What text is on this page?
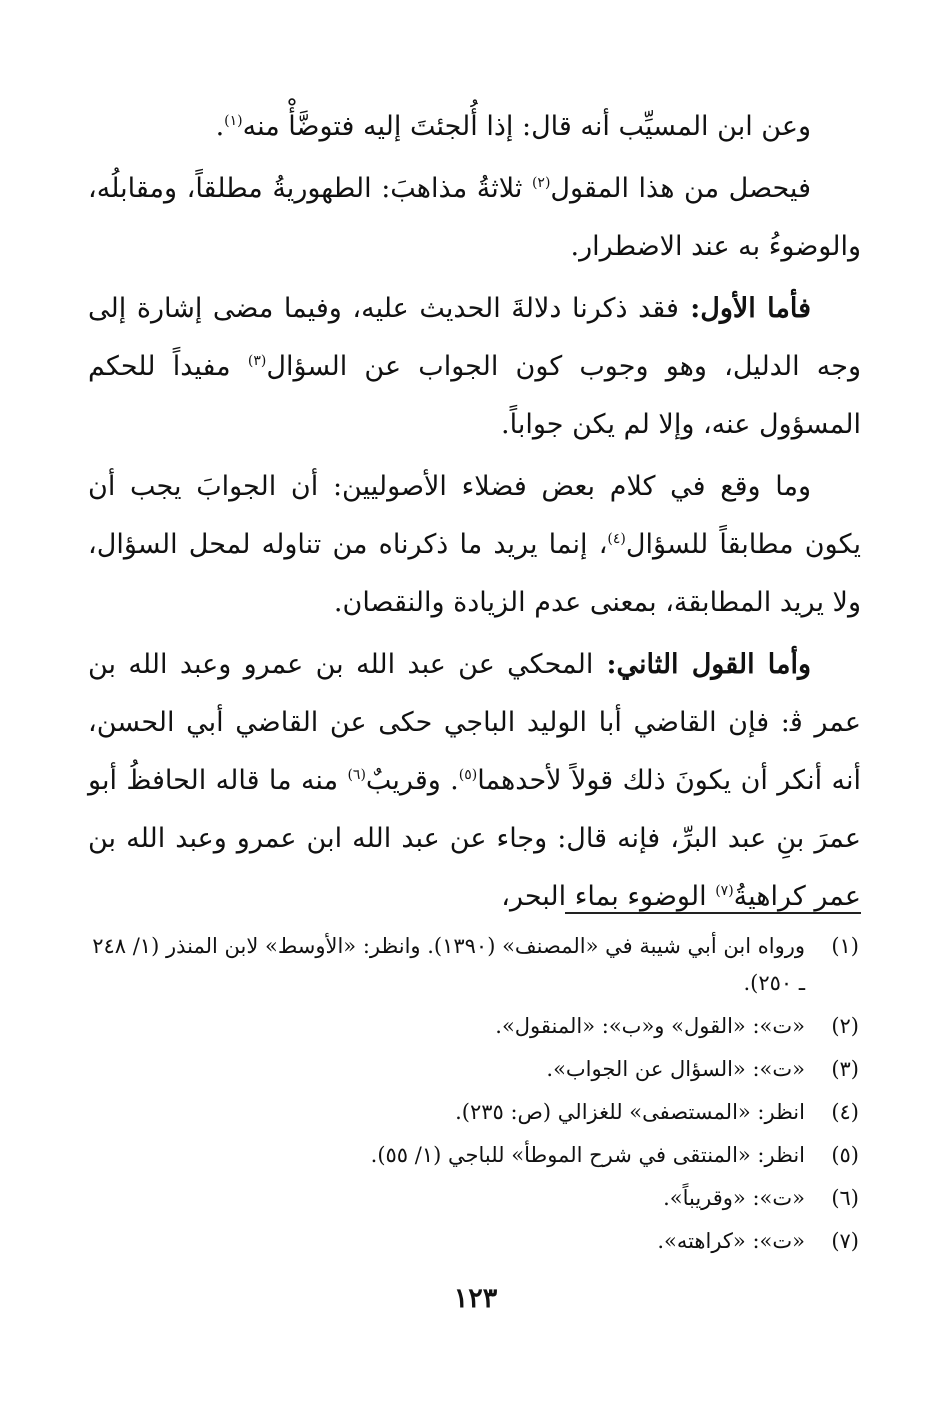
وعن ابن المسيِّب أنه قال: إذا أُلجئتَ إليه فتوضَّأْ منه$^{(١)}$.

فيحصل من هذا المقول$^{(٢)}$ ثلاثةُ مذاهبَ: الطهوريةُ مطلقاً، ومقابلُه، والوضوءُ به عند الاضطرار.

فأما الأول: فقد ذكرنا دلالةَ الحديث عليه، وفيما مضى إشارة إلى وجه الدليل، وهو وجوب كون الجواب عن السؤال$^{(٣)}$ مفيداً للحكم المسؤول عنه، وإلا لم يكن جواباً.

وما وقع في كلام بعض فضلاء الأصوليين: أن الجوابَ يجب أن يكون مطابقاً للسؤال$^{(٤)}$، إنما يريد ما ذكرناه من تناوله لمحل السؤال، ولا يريد المطابقة، بمعنى عدم الزيادة والنقصان.

وأما القول الثاني: المحكي عن عبد الله بن عمرو وعبد الله بن عمر ﭬ: فإن القاضي أبا الوليد الباجي حكى عن القاضي أبي الحسن، أنه أنكر أن يكونَ ذلك قولاً لأحدهما$^{(٥)}$. وقريبٌ$^{(٦)}$ منه ما قاله الحافظُ أبو عمرَ بنِ عبد البرِّ، فإنه قال: وجاء عن عبد الله ابن عمرو وعبد الله بن عمر كراهيةُ$^{(٧)}$ الوضوء بماء البحر،

(١)
ورواه ابن أبي شيبة في «المصنف» (١٣٩٠). وانظر: «الأوسط» لابن المنذر (١/ ٢٤٨ ـ ٢٥٠).
(٢)
«ت»: «القول» و«ب»: «المنقول».
(٣)
«ت»: «السؤال عن الجواب».
(٤)
انظر: «المستصفى» للغزالي (ص: ٢٣٥).
(٥)
انظر: «المنتقى في شرح الموطأ» للباجي (١/ ٥٥).
(٦)
«ت»: «وقريباً».
(٧)
«ت»: «كراهته».
١٢٣
